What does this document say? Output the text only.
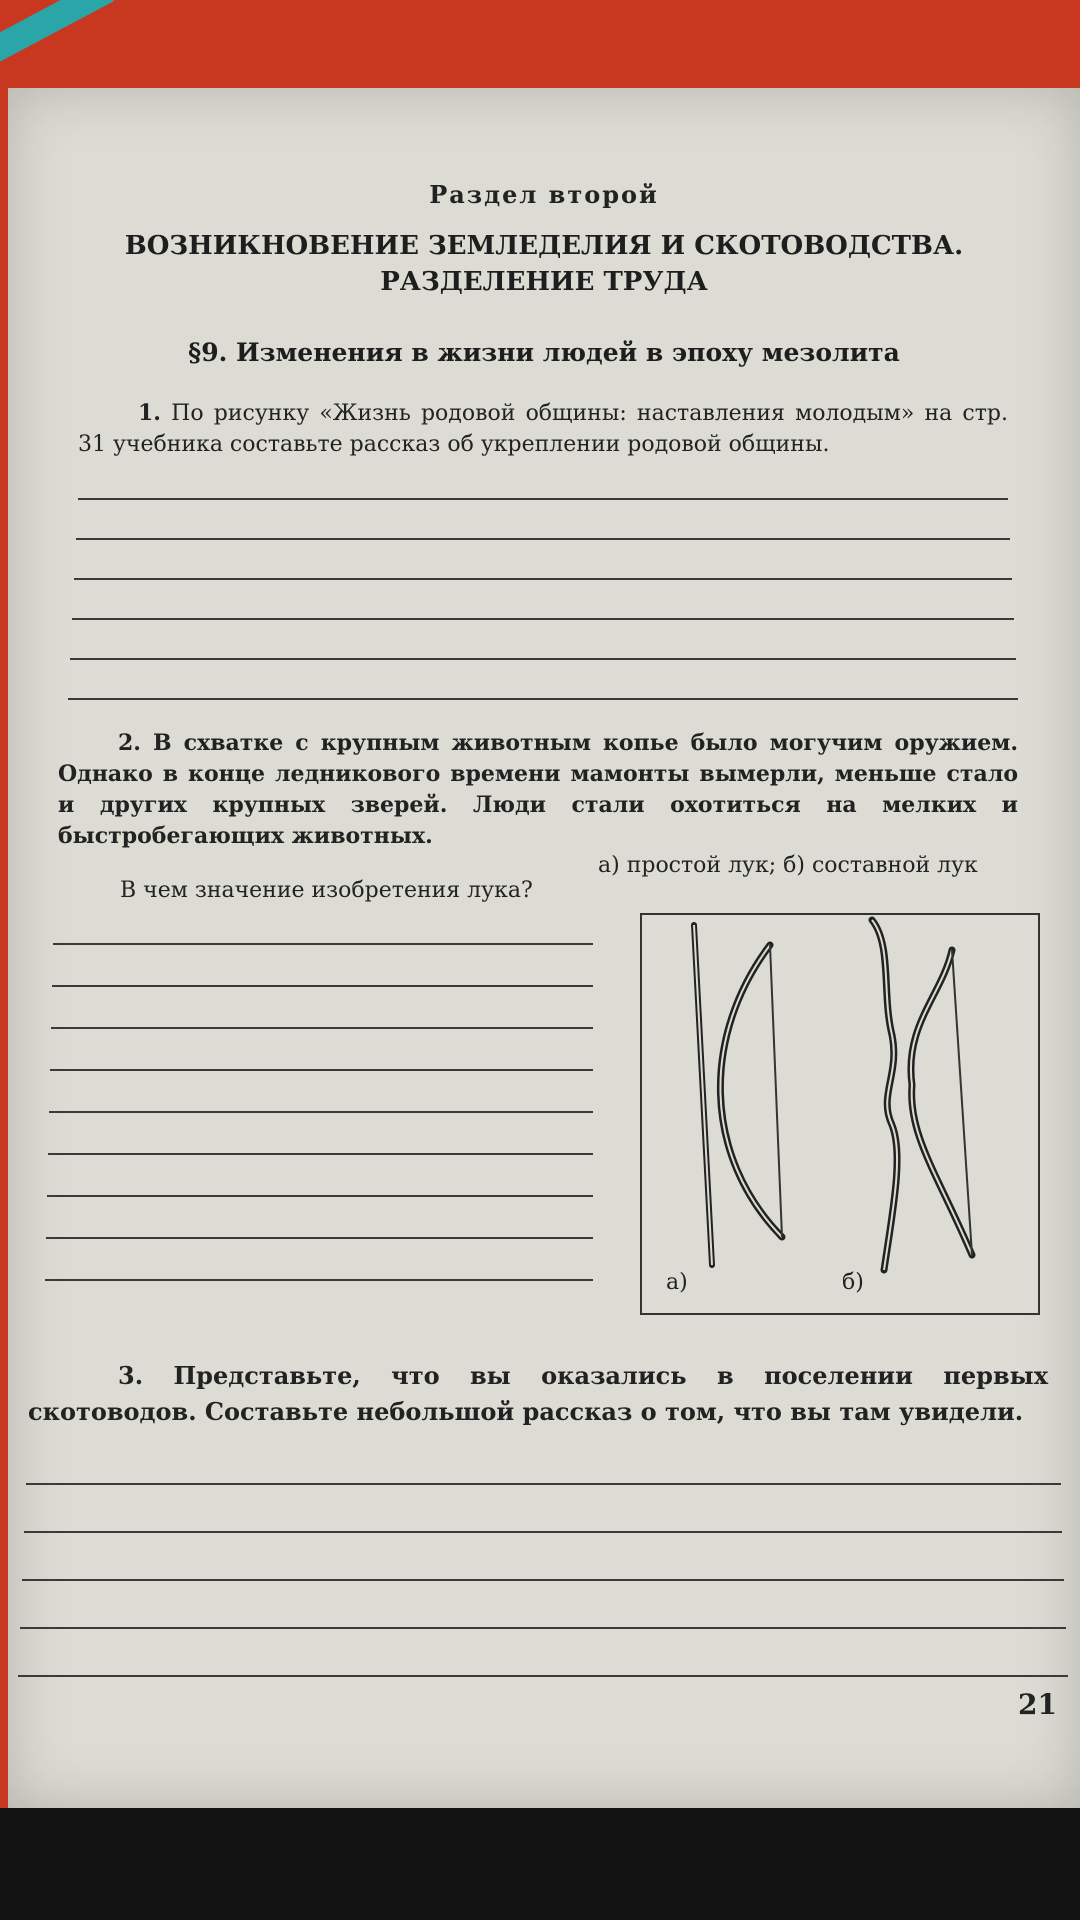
Раздел второй
ВОЗНИКНОВЕНИЕ ЗЕМЛЕДЕЛИЯ И СКОТОВОДСТВА.
РАЗДЕЛЕНИЕ ТРУДА
§9. Изменения в жизни людей в эпоху мезолита
1. По рисунку «Жизнь родовой общины: наставления молодым» на стр. 31 учебника составьте рассказ об укреплении родовой общины.
2. В схватке с крупным животным копье было могучим оружием. Однако в конце ледникового времени мамонты вымерли, меньше стало и других крупных зверей. Люди стали охотиться на мелких и быстробегающих животных.
а) простой лук; б) составной лук
В чем значение изобретения лука?
а)	б)
3. Представьте, что вы оказались в поселении первых скотоводов. Составьте небольшой рассказ о том, что вы там увидели.
21
